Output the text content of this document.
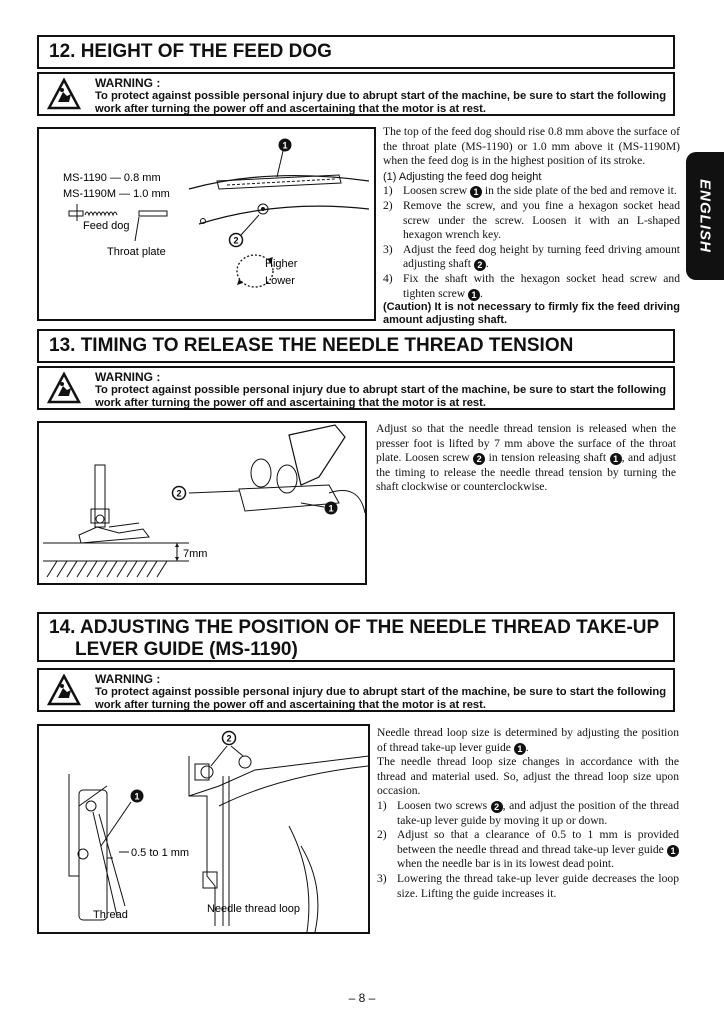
ENGLISH
12. HEIGHT OF THE FEED DOG
WARNING :
To protect against possible personal injury due to abrupt start of the machine, be sure to start the following work after turning the power off and ascertaining that the motor is at rest.
MS-1190 — 0.8 mm
MS-1190M — 1.0 mm
Feed dog
Throat plate
1
2
Higher
Lower

The top of the feed dog should rise 0.8 mm above the surface of the throat plate (MS-1190) or 1.0 mm above it (MS-1190M) when the feed dog is in the highest position of its stroke.

(1) Adjusting the feed dog height

1) Loosen screw 1 in the side plate of the bed and remove it.
2) Remove the screw, and you fine a hexagon socket head screw under the screw. Loosen it with an L-shaped hexagon wrench key.
3) Adjust the feed dog height by turning feed driving amount adjusting shaft 2 .
4) Fix the shaft with the hexagon socket head screw and tighten screw 1 .

(Caution) It is not necessary to firmly fix the feed driving amount adjusting shaft.

13. TIMING TO RELEASE THE NEEDLE THREAD TENSION
WARNING :
To protect against possible personal injury due to abrupt start of the machine, be sure to start the following work after turning the power off and ascertaining that the motor is at rest.
7mm
2
1

Adjust so that the needle thread tension is released when the presser foot is lifted by 7 mm above the surface of the throat plate. Loosen screw 2 in tension releasing shaft 1 , and adjust the timing to release the needle thread tension by turning the shaft clockwise or counterclockwise.

14. ADJUSTING THE POSITION OF THE NEEDLE THREAD TAKE-UP
LEVER GUIDE (MS-1190)
WARNING :
To protect against possible personal injury due to abrupt start of the machine, be sure to start the following work after turning the power off and ascertaining that the motor is at rest.
1
0.5 to 1 mm
Thread
2
Needle thread loop

Needle thread loop size is determined by adjusting the position of thread take-up lever guide 1 .

The needle thread loop size changes in accordance with the thread and material used. So, adjust the thread loop size upon occasion.

1) Loosen two screws 2 , and adjust the position of the thread take-up lever guide by moving it up or down.
2) Adjust so that a clearance of 0.5 to 1 mm is provided between the needle thread and thread take-up lever guide 1 when the needle bar is in its lowest dead point.
3) Lowering the thread take-up lever guide decreases the loop size. Lifting the guide increases it.
– 8 –
